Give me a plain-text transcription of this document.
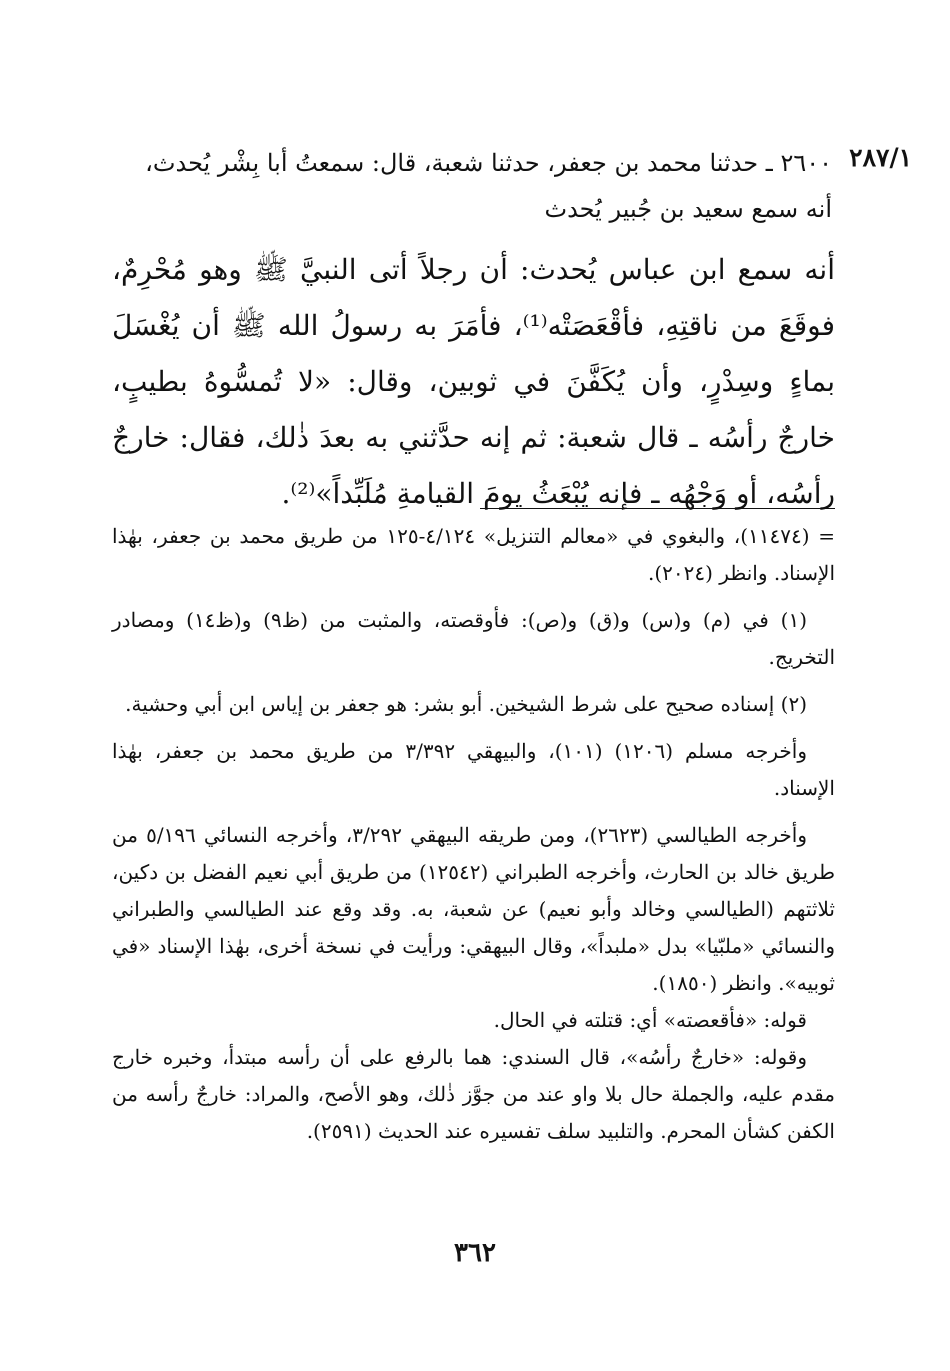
٢٨٧/١
٢٦٠٠ ـ حدثنا محمد بن جعفر، حدثنا شعبة، قال: سمعتُ أبا بِشْر يُحدث،
أنه سمع سعيد بن جُبير يُحدث

أنه سمع ابن عباس يُحدث: أن رجلاً أتى النبيَّ ﷺ وهو مُحْرِمٌ، فوقَعَ من ناقتِهِ، فأقْعَصَتْه⁽¹⁾، فأمَرَ به رسولُ الله ﷺ أن يُغْسَلَ بماءٍ وسِدْرٍ، وأن يُكَفَّنَ في ثوبين، وقال: «لا تُمسُّوهُ بطيبٍ، خارجٌ رأسُه ـ قال شعبة: ثم إنه حدَّثني به بعدَ ذٰلك، فقال: خارجٌ رأسُه، أو وَجْهُه ـ فإنه يُبْعَثُ يومَ القيامةِ مُلَبِّداً»⁽²⁾.

= (١١٤٧٤)، والبغوي في «معالم التنزيل» ٤/١٢٤-١٢٥ من طريق محمد بن جعفر، بهٰذا الإسناد. وانظر (٢٠٢٤).

(١) في (م) و(س) و(ق) و(ص): فأوقصته، والمثبت من (ظ٩) و(ظ١٤) ومصادر التخريج.

(٢) إسناده صحيح على شرط الشيخين. أبو بشر: هو جعفر بن إياس ابن أبي وحشية.

وأخرجه مسلم (١٢٠٦) (١٠١)، والبيهقي ٣/٣٩٢ من طريق محمد بن جعفر، بهٰذا الإسناد.

وأخرجه الطيالسي (٢٦٢٣)، ومن طريقه البيهقي ٣/٢٩٢، وأخرجه النسائي ٥/١٩٦ من طريق خالد بن الحارث، وأخرجه الطبراني (١٢٥٤٢) من طريق أبي نعيم الفضل بن دكين، ثلاثتهم (الطيالسي وخالد وأبو نعيم) عن شعبة، به. وقد وقع عند الطيالسي والطبراني والنسائي «ملبّيا» بدل «ملبداً»، وقال البيهقي: ورأيت في نسخة أخرى، بهٰذا الإسناد «في ثوبيه». وانظر (١٨٥٠).

قوله: «فأقعصته» أي: قتلته في الحال.

وقوله: «خارجٌ رأسُه»، قال السندي: هما بالرفع على أن رأسه مبتدأ، وخبره خارج مقدم عليه، والجملة حال بلا واو عند من جوَّز ذٰلك، وهو الأصح، والمراد: خارجٌ رأسه من الكفن كشأن المحرم. والتلبيد سلف تفسيره عند الحديث (٢٥٩١).

٣٦٢
